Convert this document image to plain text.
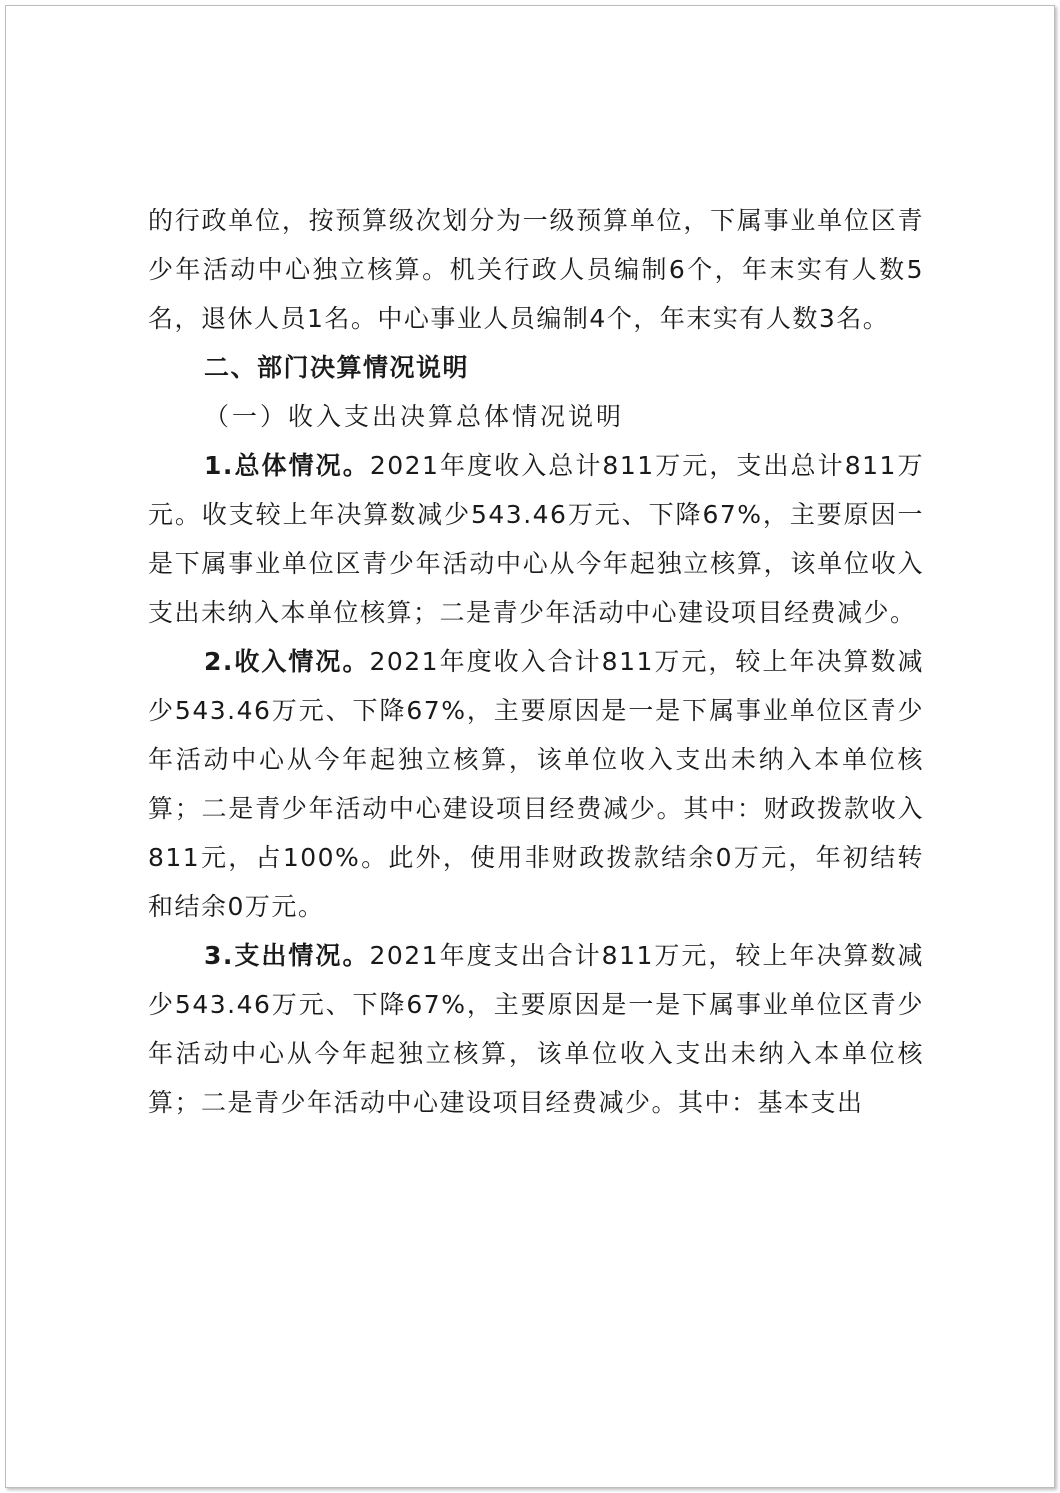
的行政单位，按预算级次划分为一级预算单位，下属事业单位区青少年活动中心独立核算。机关行政人员编制6个，年末实有人数5名，退休人员1名。中心事业人员编制4个，年末实有人数3名。

二、部门决算情况说明

（一）收入支出决算总体情况说明

1.总体情况。2021年度收入总计811万元，支出总计811万元。收支较上年决算数减少543.46万元、下降67%，主要原因一是下属事业单位区青少年活动中心从今年起独立核算，该单位收入支出未纳入本单位核算；二是青少年活动中心建设项目经费减少。

2.收入情况。2021年度收入合计811万元，较上年决算数减少543.46万元、下降67%，主要原因是一是下属事业单位区青少年活动中心从今年起独立核算，该单位收入支出未纳入本单位核算；二是青少年活动中心建设项目经费减少。其中：财政拨款收入811元，占100%。此外，使用非财政拨款结余0万元，年初结转和结余0万元。

3.支出情况。2021年度支出合计811万元，较上年决算数减少543.46万元、下降67%，主要原因是一是下属事业单位区青少年活动中心从今年起独立核算，该单位收入支出未纳入本单位核算；二是青少年活动中心建设项目经费减少。其中：基本支出
